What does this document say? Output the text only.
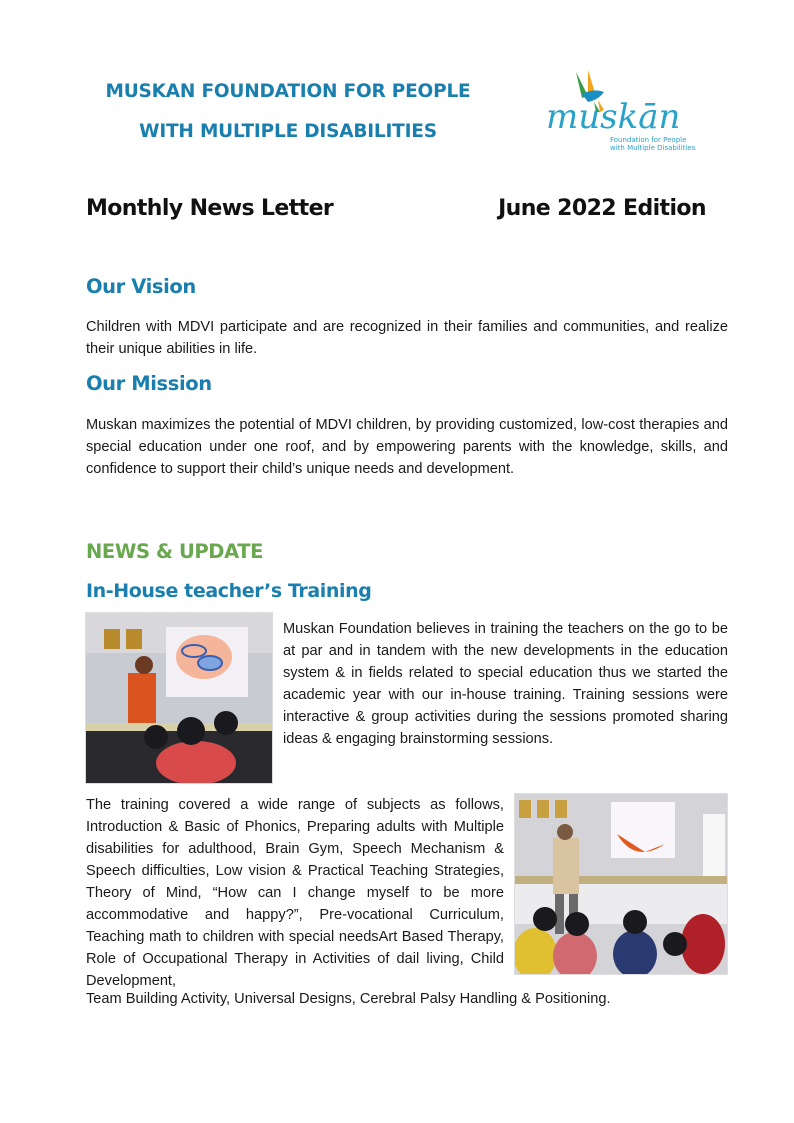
MUSKAN FOUNDATION FOR PEOPLE
WITH MULTIPLE DISABILITIES	muskān
Foundation for People
with Multiple Disabilities
Monthly News Letter	June 2022 Edition
Our Vision

Children with MDVI participate and are recognized in their families and communities, and realize their unique abilities in life.

Our Mission

Muskan maximizes the potential of MDVI children, by providing customized, low-cost therapies and special education under one roof, and by empowering parents with the knowledge, skills, and confidence to support their child’s unique needs and development.

NEWS & UPDATE
In-House teacher’s Training

Muskan Foundation believes in training the teachers on the go to be at par and in tandem with the new developments in the education system & in fields related to special education thus we started the academic year with our in-house training. Training sessions were interactive & group activities during the sessions promoted sharing ideas & engaging brainstorming sessions.

The training covered a wide range of subjects as follows, Introduction & Basic of Phonics, Preparing adults with Multiple disabilities for adulthood, Brain Gym, Speech Mechanism & Speech difficulties, Low vision & Practical Teaching Strategies, Theory of Mind, “How can I change myself to be more accommodative and happy?”, Pre-vocational Curriculum, Teaching math to children with special needsArt Based Therapy, Role of Occupational Therapy in Activities of dail living, Child Development,

Team Building Activity, Universal Designs, Cerebral Palsy Handling & Positioning.
